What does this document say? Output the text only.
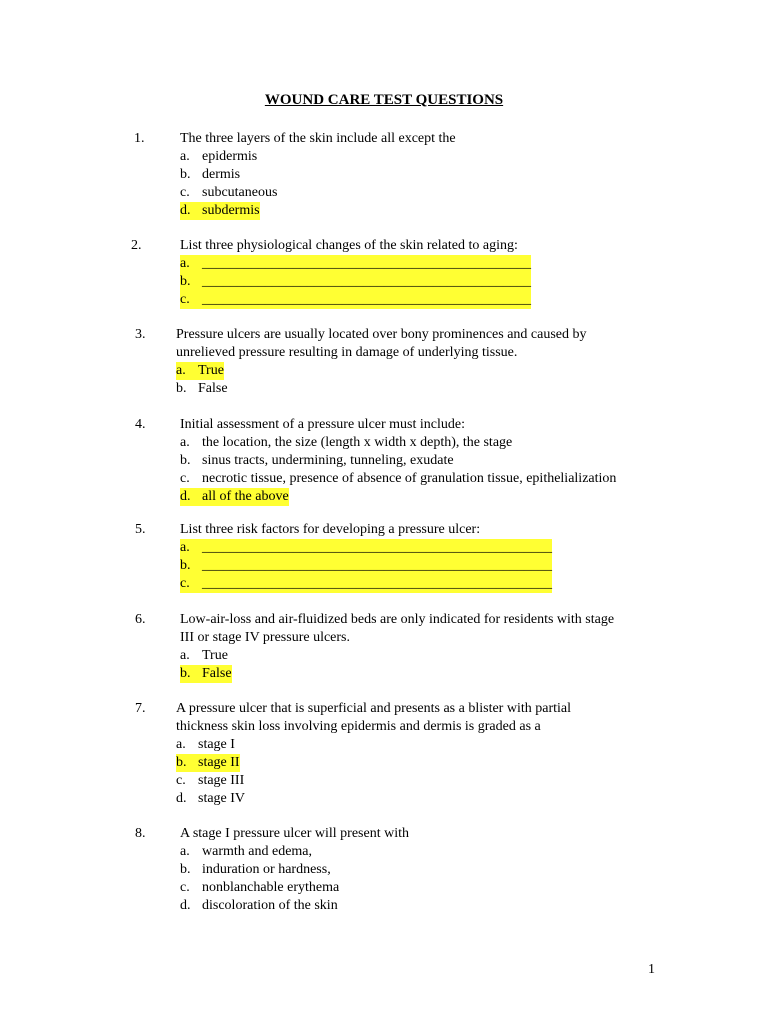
WOUND CARE TEST QUESTIONS
1.	The three layers of the skin include all except the
a. epidermis
b. dermis
c. subcutaneous
d. subdermis
2.	List three physiological changes of the skin related to aging:
a. _______________________________________________
b. _______________________________________________
c. _______________________________________________
3. Pressure ulcers are usually located over bony prominences and caused by
unrelieved pressure resulting in damage of underlying tissue.
a. True
b. False
4. Initial assessment of a pressure ulcer must include:
a. the location, the size (length x width x depth), the stage
b. sinus tracts, undermining, tunneling, exudate
c. necrotic tissue, presence of absence of granulation tissue, epithelialization
d. all of the above
5. List three risk factors for developing a pressure ulcer:
a. __________________________________________________
b. __________________________________________________
c. __________________________________________________
6. Low-air-loss and air-fluidized beds are only indicated for residents with stage
III or stage IV pressure ulcers.
a. True
b. False
7. A pressure ulcer that is superficial and presents as a blister with partial
thickness skin loss involving epidermis and dermis is graded as a
a. stage I
b. stage II
c. stage III
d. stage IV
8. A stage I pressure ulcer will present with
a. warmth and edema,
b. induration or hardness,
c. nonblanchable erythema
d. discoloration of the skin
1
